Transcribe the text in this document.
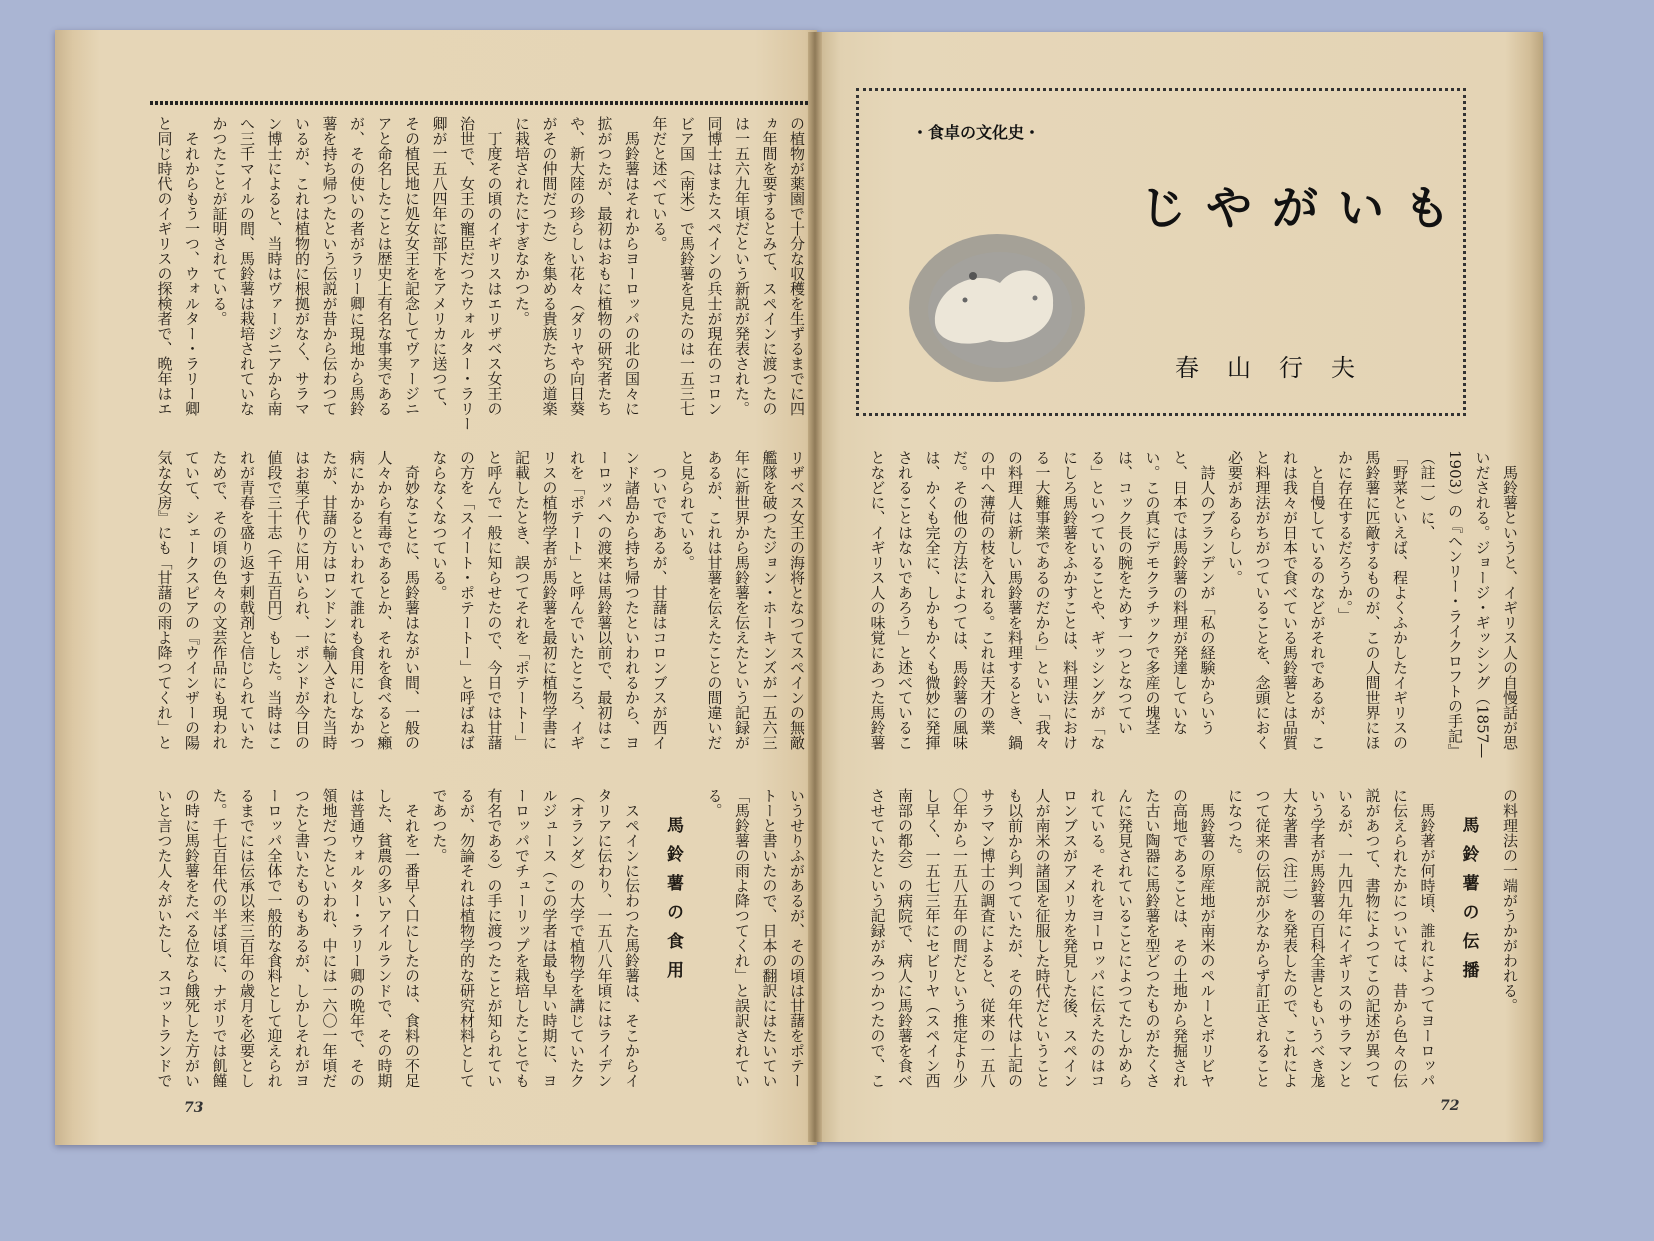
の植物が薬園で十分な収穫を生ずるまでに四
ヵ年間を要するとみて、スペインに渡つたの
は一五六九年頃だという新説が発表された。
同博士はまたスペインの兵士が現在のコロン
ビア国（南米）で馬鈴薯を見たのは一五三七
年だと述べている。
　馬鈴薯はそれからヨーロッパの北の国々に
拡がつたが、最初はおもに植物の研究者たち
や、新大陸の珍らしい花々（ダリヤや向日葵
がその仲間だつた）を集める貴族たちの道楽
に栽培されたにすぎなかつた。
　丁度その頃のイギリスはエリザベス女王の
治世で、女王の寵臣だつたウォルター・ラリー
卿が一五八四年に部下をアメリカに送つて、
その植民地に処女女王を記念してヴァージニ
アと命名したことは歴史上有名な事実である
が、その使いの者がラリー卿に現地から馬鈴
薯を持ち帰つたという伝説が昔から伝わつて
いるが、これは植物的に根拠がなく、サラマ
ン博士によると、当時はヴァージニアから南
へ三千マイルの間、馬鈴薯は栽培されていな
かつたことが証明されている。
　それからもう一つ、ウォルター・ラリー卿
と同じ時代のイギリスの探検者で、晩年はエ
リザベス女王の海将となつてスペインの無敵
艦隊を破つたジョン・ホーキンズが一五六三
年に新世界から馬鈴薯を伝えたという記録が
あるが、これは甘薯を伝えたことの間違いだ
と見られている。
　ついでであるが、甘藷はコロンブスが西イ
ンド諸島から持ち帰つたといわれるから、ヨ
ーロッパへの渡来は馬鈴薯以前で、最初はこ
れを「ポテート」と呼んでいたところ、イギ
リスの植物学者が馬鈴薯を最初に植物学書に
記載したとき、誤つてそれを「ポテートー」
と呼んで一般に知らせたので、今日では甘藷
の方を「スイート・ポテートー」と呼ばねば
ならなくなつている。
　奇妙なことに、馬鈴薯はながい間、一般の
人々から有毒であるとか、それを食べると癩
病にかかるといわれて誰れも食用にしなかつ
たが、甘藷の方はロンドンに輸入された当時
はお菓子代りに用いられ、一ポンドが今日の
値段で三十志（千五百円）もした。当時はこ
れが青春を盛り返す刺戟剤と信じられていた
ためで、その頃の色々の文芸作品にも現われ
ていて、シェークスピアの『ウインザーの陽
気な女房』にも「甘藷の雨よ降つてくれ」と
いうせりふがあるが、その頃は甘藷をポテー
トーと書いたので、日本の翻訳にはたいてい
「馬鈴薯の雨よ降つてくれ」と誤訳されてい
る。
馬鈴薯の食用
　スペインに伝わつた馬鈴薯は、そこからイ
タリアに伝わり、一五八八年頃にはライデン
（オランダ）の大学で植物学を講じていたク
ルジュース（この学者は最も早い時期に、ヨ
ーロッパでチューリップを栽培したことでも
有名である）の手に渡つたことが知られてい
るが、勿論それは植物学的な研究材料として
であつた。
　それを一番早く口にしたのは、食料の不足
した、貧農の多いアイルランドで、その時期
は普通ウォルター・ラリー卿の晩年で、その
領地だつたといわれ、中には一六〇一年頃だ
つたと書いたものもあるが、しかしそれがヨ
ーロッパ全体で一般的な食料として迎えられ
るまでには伝承以来三百年の歳月を必要とし
た。千七百年代の半ば頃に、ナポリでは飢饉
の時に馬鈴薯をたべる位なら餓死した方がい
いと言つた人々がいたし、スコットランドで
・食卓の文化史・
じやがいも
春山行夫
　馬鈴薯というと、イギリス人の自慢話が思
いだされる。ジョージ・ギッシング（1857—
1903）の『ヘンリー・ライクロフトの手記』
（註一）に、
「野菜といえば、程よくふかしたイギリスの
馬鈴薯に匹敵するものが、この人間世界にほ
かに存在するだろうか。」
　と自慢しているのなどがそれであるが、こ
れは我々が日本で食べている馬鈴薯とは品質
と料理法がちがつていることを、念頭におく
必要があるらしい。
　詩人のブランデンが「私の経験からいう
と、日本では馬鈴薯の料理が発達していな
い。この真にデモクラチックで多産の塊茎
は、コック長の腕をためす一つとなつてい
る」といつていることや、ギッシングが「な
にしろ馬鈴薯をふかすことは、料理法におけ
る一大難事業であるのだから」といい「我々
の料理人は新しい馬鈴薯を料理するとき、鍋
の中へ薄荷の枝を入れる。これは天才の業
だ。その他の方法によつては、馬鈴薯の風味
は、かくも完全に、しかもかくも微妙に発揮
されることはないであろう」と述べているこ
となどに、イギリス人の味覚にあつた馬鈴薯
の料理法の一端がうかがわれる。
馬鈴薯の伝播
　馬鈴著が何時頃、誰れによつてヨーロッパ
に伝えられたかについては、昔から色々の伝
説があつて、書物によつてこの記述が異つて
いるが、一九四九年にイギリスのサラマンと
いう学者が馬鈴薯の百科全書ともいうべき尨
大な著書（注二）を発表したので、これによ
つて従来の伝説が少なからず訂正されること
になつた。
　馬鈴薯の原産地が南米のペルーとボリビヤ
の高地であることは、その土地から発掘され
た古い陶器に馬鈴薯を型どつたものがたくさ
んに発見されていることによつてたしかめら
れている。それをヨーロッパに伝えたのはコ
ロンブスがアメリカを発見した後、スペイン
人が南米の諸国を征服した時代だということ
も以前から判つていたが、その年代は上記の
サラマン博士の調査によると、従来の一五八
〇年から一五八五年の間だという推定より少
し早く、一五七三年にセビリヤ（スペイン西
南部の都会）の病院で、病人に馬鈴薯を食べ
させていたという記録がみつかつたので、こ
73	72
